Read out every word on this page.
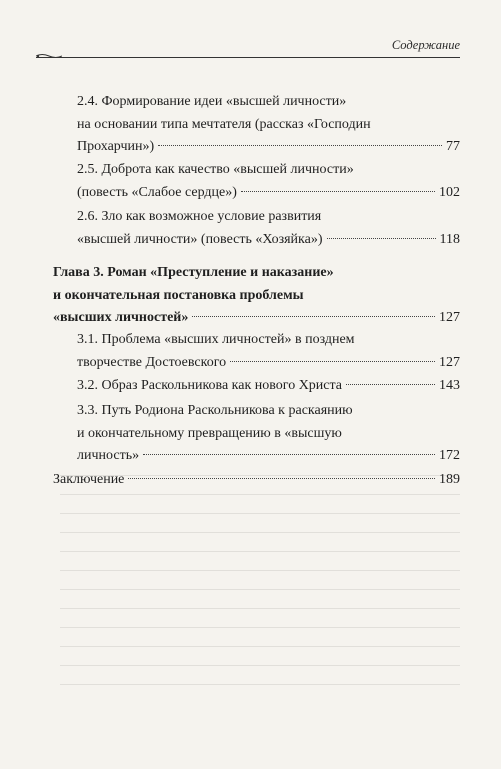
Содержание
2.4. Формирование идеи «высшей личности»
на основании типа мечтателя (рассказ «Господин
Прохарчин»)	77
2.5. Доброта как качество «высшей личности»
(повесть «Слабое сердце»)	102
2.6. Зло как возможное условие развития
«высшей личности» (повесть «Хозяйка»)	118
Глава 3. Роман «Преступление и наказание»
и окончательная постановка проблемы
«высших личностей»	127
3.1. Проблема «высших личностей» в позднем
творчестве Достоевского	127
3.2. Образ Раскольникова как нового Христа	143
3.3. Путь Родиона Раскольникова к раскаянию
и окончательному превращению в «высшую
личность»	172
Заключение	189
